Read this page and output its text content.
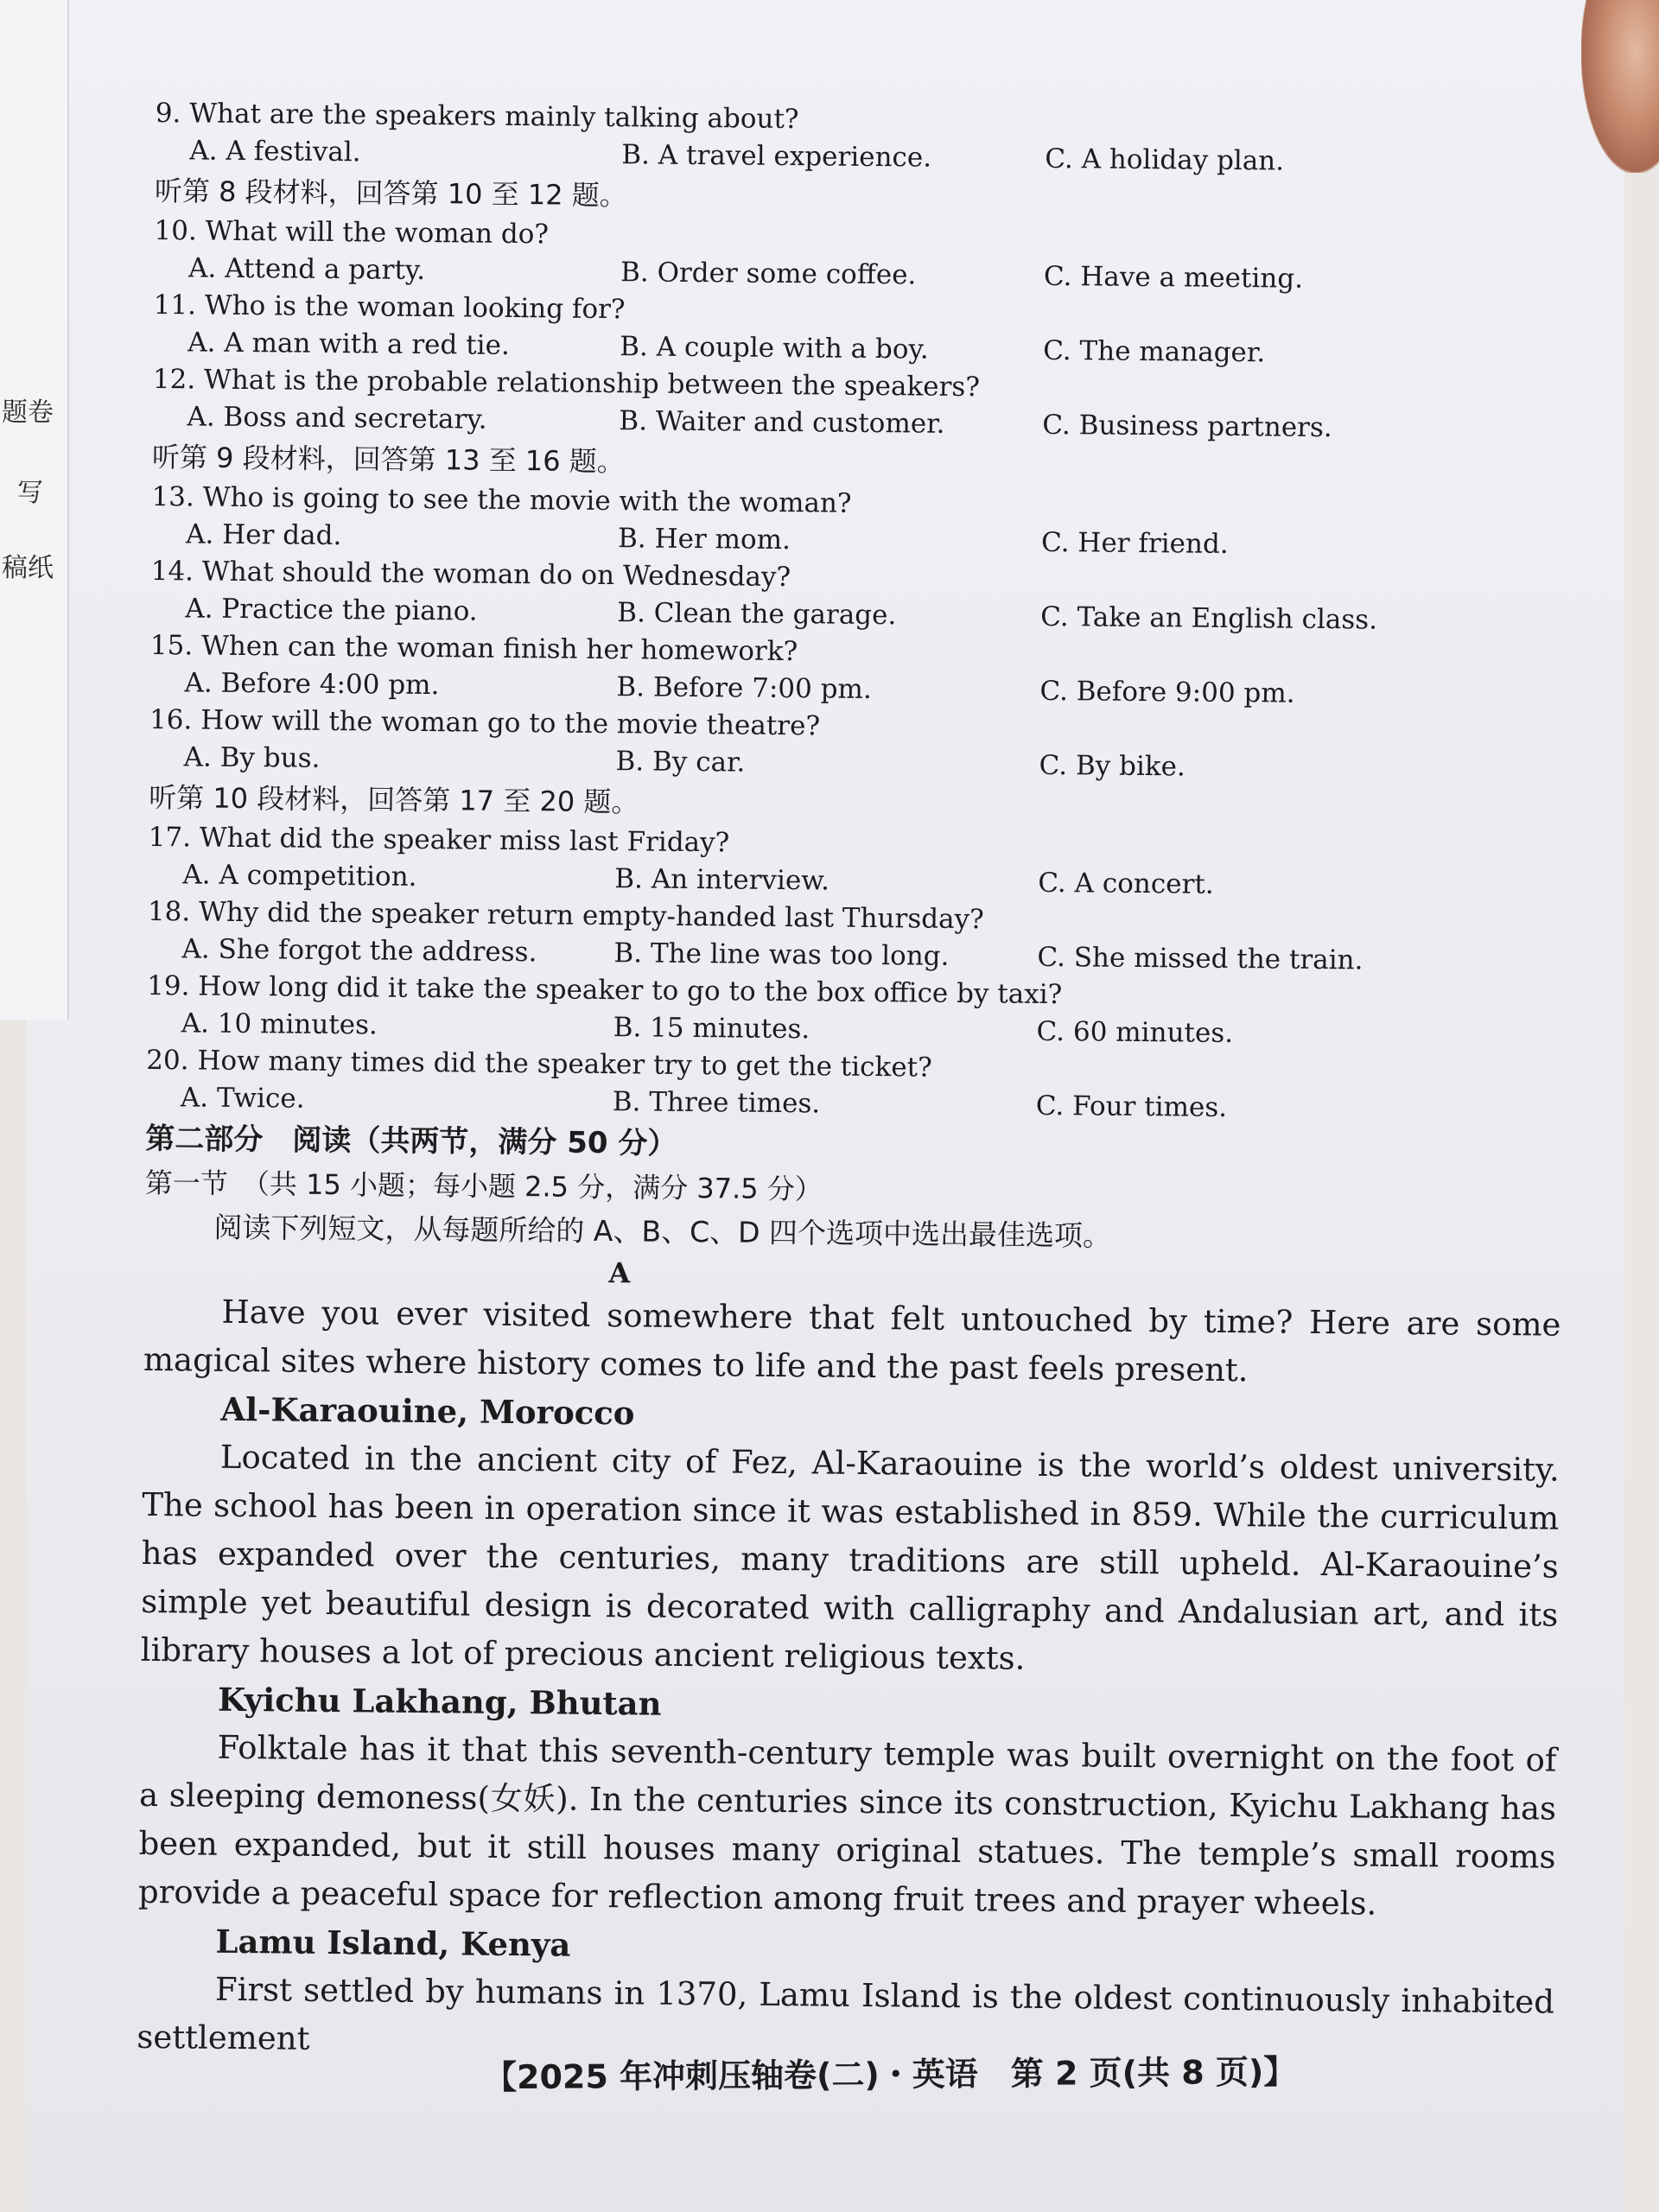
题卷
写
稿纸
9. What are the speakers mainly talking about?
A. A festival.	B. A travel experience.	C. A holiday plan.
听第 8 段材料，回答第 10 至 12 题。
10. What will the woman do?
A. Attend a party.	B. Order some coffee.	C. Have a meeting.
11. Who is the woman looking for?
A. A man with a red tie.	B. A couple with a boy.	C. The manager.
12. What is the probable relationship between the speakers?
A. Boss and secretary.	B. Waiter and customer.	C. Business partners.
听第 9 段材料，回答第 13 至 16 题。
13. Who is going to see the movie with the woman?
A. Her dad.	B. Her mom.	C. Her friend.
14. What should the woman do on Wednesday?
A. Practice the piano.	B. Clean the garage.	C. Take an English class.
15. When can the woman finish her homework?
A. Before 4:00 pm.	B. Before 7:00 pm.	C. Before 9:00 pm.
16. How will the woman go to the movie theatre?
A. By bus.	B. By car.	C. By bike.
听第 10 段材料，回答第 17 至 20 题。
17. What did the speaker miss last Friday?
A. A competition.	B. An interview.	C. A concert.
18. Why did the speaker return empty-handed last Thursday?
A. She forgot the address.	B. The line was too long.	C. She missed the train.
19. How long did it take the speaker to go to the box office by taxi?
A. 10 minutes.	B. 15 minutes.	C. 60 minutes.
20. How many times did the speaker try to get the ticket?
A. Twice.	B. Three times.	C. Four times.
第二部分　阅读（共两节，满分 50 分）
第一节　（共 15 小题；每小题 2.5 分，满分 37.5 分）
阅读下列短文，从每题所给的 A、B、C、D 四个选项中选出最佳选项。
A

Have you ever visited somewhere that felt untouched by time? Here are some magical sites where history comes to life and the past feels present.

Al-Karaouine, Morocco

Located in the ancient city of Fez, Al-Karaouine is the world’s oldest university. The school has been in operation since it was established in 859. While the curriculum has expanded over the centuries, many traditions are still upheld. Al-Karaouine’s simple yet beautiful design is decorated with calligraphy and Andalusian art, and its library houses a lot of precious ancient religious texts.

Kyichu Lakhang, Bhutan

Folktale has it that this seventh-century temple was built overnight on the foot of a sleeping demoness(女妖). In the centuries since its construction, Kyichu Lakhang has been expanded, but it still houses many original statues. The temple’s small rooms provide a peaceful space for reflection among fruit trees and prayer wheels.

Lamu Island, Kenya

First settled by humans in 1370, Lamu Island is the oldest continuously inhabited settlement

【2025 年冲刺压轴卷(二)・英语　第 2 页(共 8 页)】
